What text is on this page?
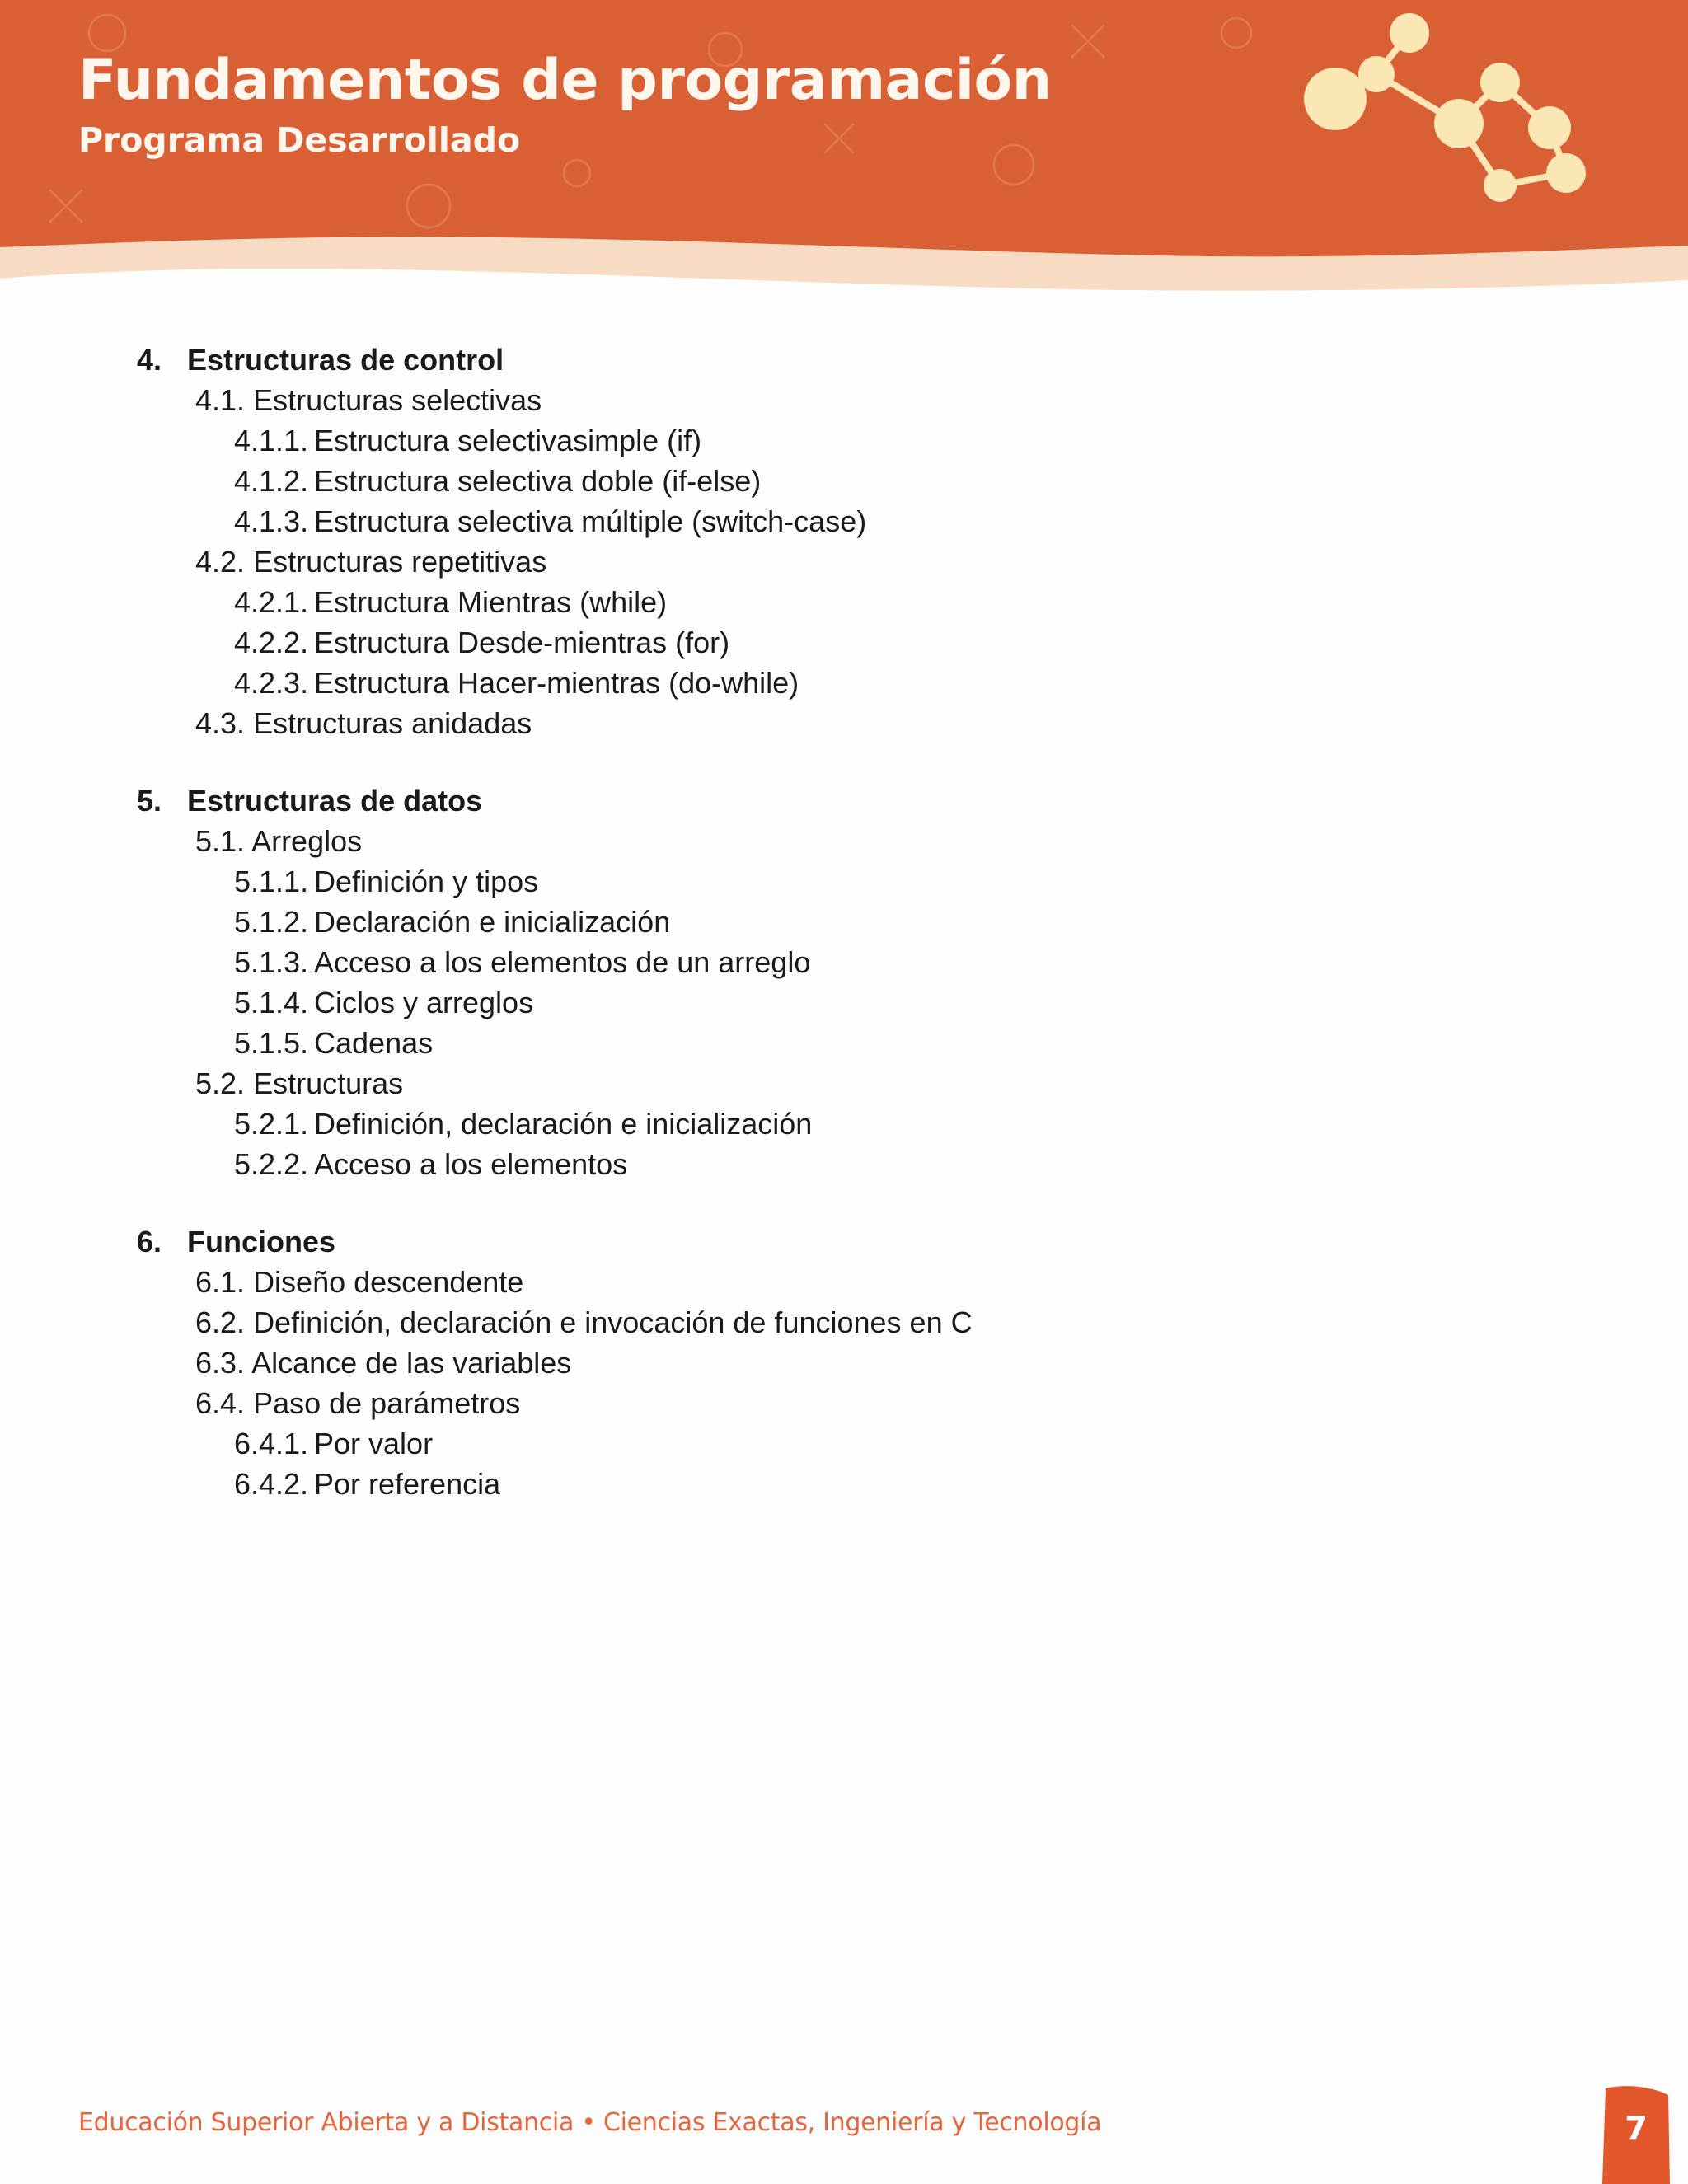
Fundamentos de programación
Programa Desarrollado
4. Estructuras de control
4.1. Estructuras selectivas
4.1.1. Estructura selectivasimple (if)
4.1.2. Estructura selectiva doble (if-else)
4.1.3. Estructura selectiva múltiple (switch-case)
4.2. Estructuras repetitivas
4.2.1. Estructura Mientras (while)
4.2.2. Estructura Desde-mientras (for)
4.2.3. Estructura Hacer-mientras (do-while)
4.3. Estructuras anidadas
5. Estructuras de datos
5.1. Arreglos
5.1.1. Definición y tipos
5.1.2. Declaración e inicialización
5.1.3. Acceso a los elementos de un arreglo
5.1.4. Ciclos y arreglos
5.1.5. Cadenas
5.2. Estructuras
5.2.1. Definición, declaración e inicialización
5.2.2. Acceso a los elementos
6. Funciones
6.1. Diseño descendente
6.2. Definición, declaración e invocación de funciones en C
6.3. Alcance de las variables
6.4. Paso de parámetros
6.4.1. Por valor
6.4.2. Por referencia
Educación Superior Abierta y a Distancia • Ciencias Exactas, Ingeniería y Tecnología	7
